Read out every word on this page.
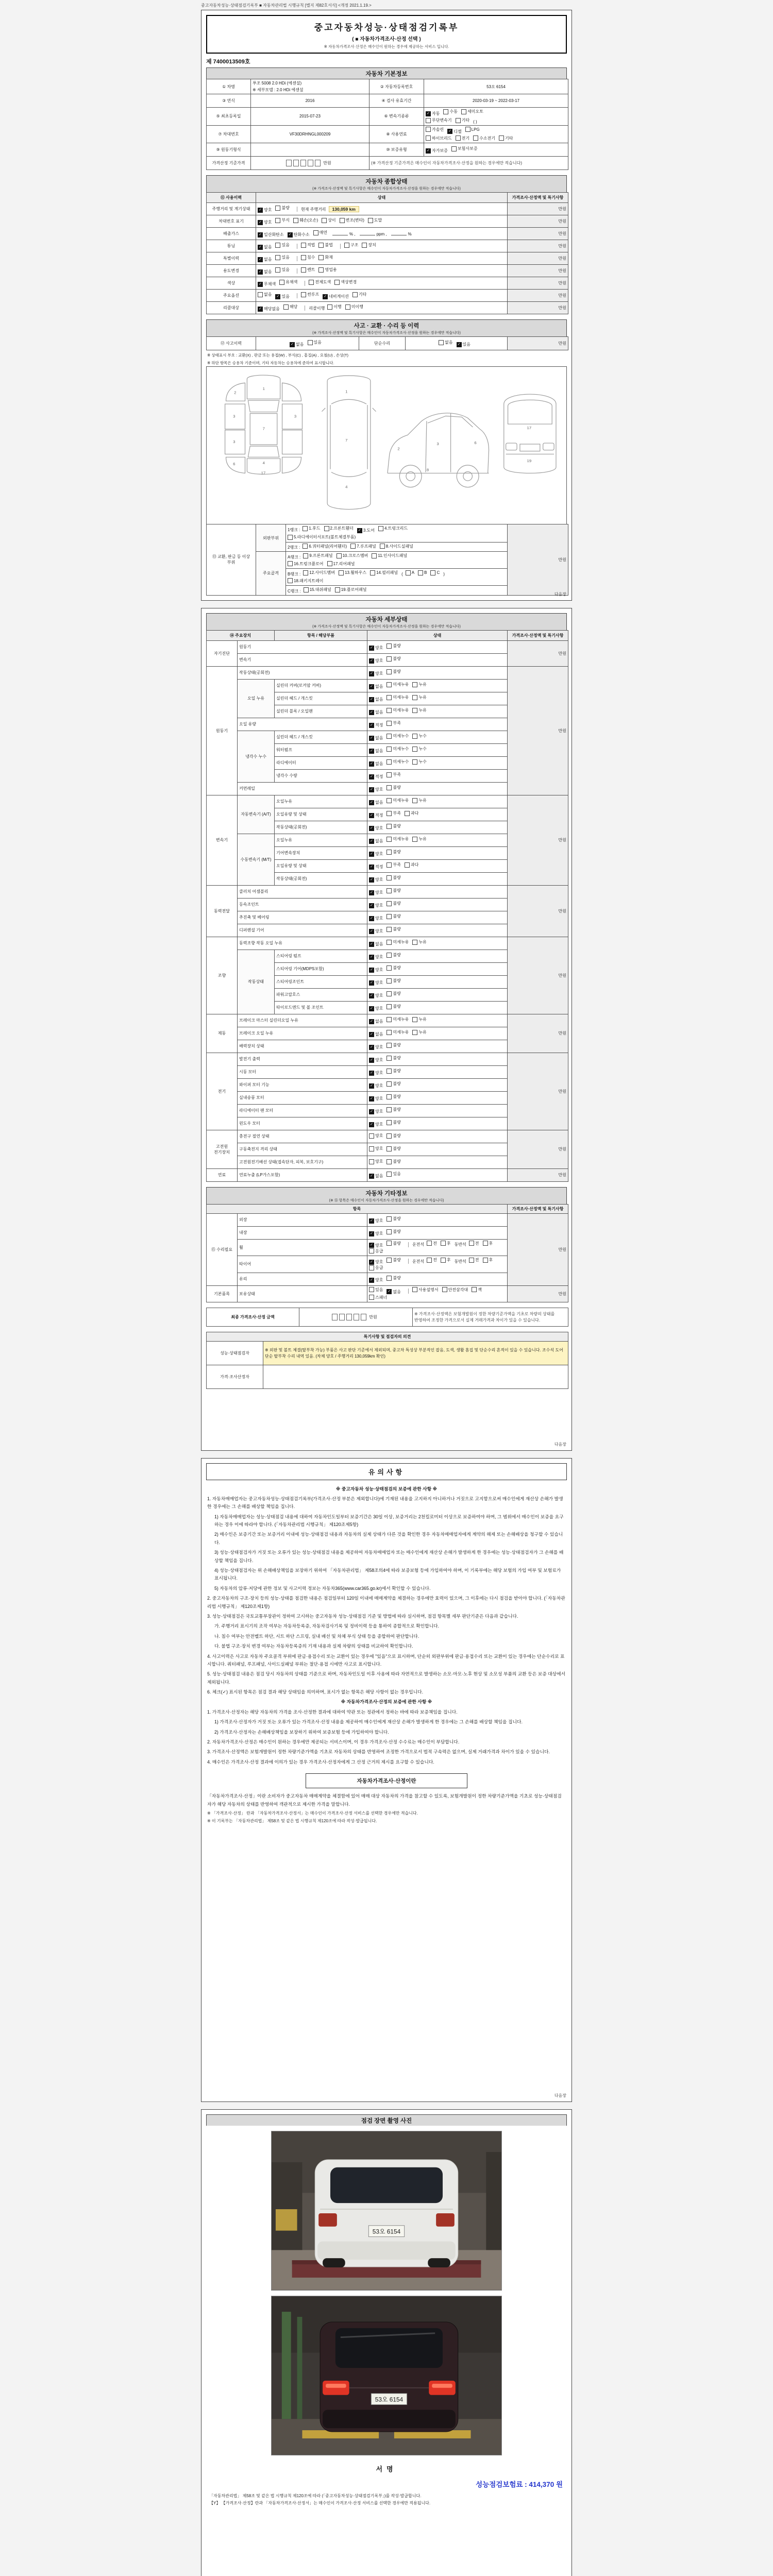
중고자동차성능·상태점검기록부 ■ 자동차관리법 시행규칙 [별지 제82호서식] <개정 2021.1.19.>
중고자동차성능·상태점검기록부
( ■ 자동차가격조사·산정 선택 )
※ 자동차가격조사·산정은 매수인이 원하는 경우에 제공하는 서비스 입니다.
제 7400013509호
자동차 기본정보
① 차명	푸조 5008 2.0 HDi (에센셜)
※ 세부모델 : 2.0 HDi 에센셜	② 자동차등록번호	53오 6154
③ 연식	2016	④ 검사 유효기간	2020-03-19 ~ 2022-03-17
⑤ 최초등록일	2015-07-23	⑥ 변속기종류	
✓ 자동 수동 세미오토
무단변속기 기타 ( )
⑦ 차대번호	VF30DRHNGL000209	⑧ 사용연료	
가솔린 ✓ 디젤 LPG
하이브리드 전기 수소전기 기타

⑨ 원동기형식		⑩ 보증유형	✓ 자가보증 보험사보증

가격산정 기준가격	만원	(※ 가격산정 기준가격은 매수인이 자동차가격조사·산정을 원하는 경우에만 적습니다)	
자동차 종합상태
(※ 가격조사·산정액 및 특기사항은 매수인이 자동차가격조사·산정을 원하는 경우에만 적습니다)
⑪ 사용이력	상태	가격조사·산정액 및 특기사항
주행거리 및 계기상태	✓ 양호 불량 현재 주행거리 130,059 km	만원
차대번호 표기	✓ 양호 부식 훼손(오손) 상이 변조(변타) 도말	만원
배출가스	✓ 일산화탄소 ✓ 탄화수소 매연	% ,	ppm ,	%	만원
튜닝	✓ 없음 있음	적법 불법	구조 장치	만원
특별이력	✓ 없음 있음 침수 화재	만원
용도변경	✓ 없음 있음 렌트 영업용	만원
색상	✓ 무채색 유채색 전체도색 색상변경	만원
주요옵션	없음 ✓ 있음	썬루프 ✓ 네비게이션 기타	만원
리콜대상	✓ 해당없음 해당	리콜이행 이행 미이행	만원
사고 · 교환 · 수리 등 이력
(※ 가격조사·산정액 및 특기사항은 매수인이 자동차가격조사·산정을 원하는 경우에만 적습니다)
⑫ 사고이력	✓ 없음 있음	단순수리	없음 ✓ 있음	만원
※ 상태표시 부호 : 교환(X) , 판금 또는 용접(W) , 부식(C) , 흠집(A) , 요철(U) , 손상(T)
※ 하단 항목은 승용차 기준이며, 기타 자동차는 승용차에 준하여 표시합니다.
1
2
3	3
3
6
7
4
17
1
7
4
2
3	6
8
17
19
⑬ 교환, 판금 등 이상 부위	외판부위	1랭크 : 1.후드 2.프론트휀더 ✓ 3.도어 4.트렁크리드
5.라디에이터서포트(볼트체결부품)
	만원
		2랭크 : 6.쿼터패널(리어휀더) 7.루프패널 8.사이드실패널	

주요골격	A랭크 : 9.프론트패널 10.크로스멤버 11.인사이드패널
16.트렁크플로어 17.리어패널

B랭크 : 12.사이드멤버 13.휠하우스 14.필러패널 ( A B C )
18.패키지트레이

		C랭크 : 15.대쉬패널 19.플로어패널	
다음장
자동차 세부상태
(※ 가격조사·산정액 및 특기사항은 매수인이 자동차가격조사·산정을 원하는 경우에만 적습니다)
⑭ 주요장치		항목 / 해당부품	상태	가격조사·산정액 및 특기사항
자기진단	원동기		✓ 양호 불량	만원
	변속기		✓ 양호 불량	

원동기	작동상태(공회전)		✓ 양호 불량	만원
	오일 누유	실린더 커버(로커암 커버)	✓ 없음 미세누유 누유	

		실린더 헤드 / 개스킷	✓ 없음 미세누유 누유	

		실린더 블록 / 오일팬	✓ 없음 미세누유 누유	

	오일 유량		✓ 적정 부족	

	냉각수 누수	실린더 헤드 / 개스킷	✓ 없음 미세누수 누수	

		워터펌프	✓ 없음 미세누수 누수	

		라디에이터	✓ 없음 미세누수 누수	

		냉각수 수량	✓ 적정 부족	

	커먼레일		✓ 양호 불량	

변속기	자동변속기 (A/T)	오일누유	✓ 없음 미세누유 누유	만원
		오일유량 및 상태	✓ 적정 부족 과다	

		작동상태(공회전)	✓ 양호 불량	

	수동변속기 (M/T)	오일누유	✓ 없음 미세누유 누유	

		기어변속장치	✓ 양호 불량	

		오일유량 및 상태	✓ 적정 부족 과다	

		작동상태(공회전)	✓ 양호 불량	

동력전달	클러치 어셈블리		✓ 양호 불량	만원
	등속조인트		✓ 양호 불량	

	추진축 및 베어링		✓ 양호 불량	

	디퍼렌셜 기어		✓ 양호 불량	

조향	동력조향 작동 오일 누유		✓ 없음 미세누유 누유	만원
	작동상태	스티어링 펌프	✓ 양호 불량	

		스티어링 기어(MDPS포함)	✓ 양호 불량	

		스티어링조인트	✓ 양호 불량	

		파워고압호스	✓ 양호 불량	

		타이로드엔드 및 볼 조인트	✓ 양호 불량	

제동	브레이크 마스터 실린더오일 누유		✓ 없음 미세누유 누유	만원
	브레이크 오일 누유		✓ 없음 미세누유 누유	

	배력장치 상태		✓ 양호 불량	

전기	발전기 출력		✓ 양호 불량	만원
	시동 모터		✓ 양호 불량	

	와이퍼 모터 기능		✓ 양호 불량	

	실내송풍 모터		✓ 양호 불량	

	라디에이터 팬 모터		✓ 양호 불량	

	윈도우 모터		✓ 양호 불량	

고전원 전기장치	충전구 절연 상태		양호 불량	만원
	구동축전지 격리 상태		양호 불량	

	고전원전기배선 상태(접속단자, 피복, 보호기구)		양호 불량	

연료	연료누출 (LP가스포함)		✓ 없음 있음	만원
자동차 기타정보
(※ ⑮ 항목은 매수인이 자동차가격조사·산정을 원하는 경우에만 적습니다)
항목			가격조사·산정액 및 특기사항
⑮ 수리필요	외장	✓ 양호 불량	만원
	내장	✓ 양호 불량	

휠	
✓ 양호 불량	운전석 전 후 동반석 전 후
응급

타이어	
✓ 양호 불량	운전석 전 후 동반석 전 후
응급

	유리	✓ 양호 불량	

기본품목	보유상태	
있음 ✓ 없음	사용설명서 안전삼각대 잭
스패너
	만원
최종 가격조사·산정 금액	만원	※ 가격조사·산정액은 보험개발원이 정한 차량기준가액을 기초로 차량의 상태를 반영하여 조정한 가격으로서 실제 거래가격과 차이가 있을 수 있습니다.
특기사항 및 점검자의 의견	
성능·상태점검자	※ 외판 및 볼트 체결(탈부착 가능) 부품은 사고 판단 기준에서 제외되며, 중고차 특성상 부분적인 잡음, 도색, 생활 흠집 및 단순수리 흔적이 있을 수 있습니다. 조수석 도어 단순 탈부착 수리 내역 있음. (차체 양호 / 주행거리 130,059km 확인)
가격·조사산정자	
다음장
유의사항
※ 중고자동차 성능·상태점검의 보증에 관한 사항 ※
1. 자동차매매업자는 중고자동차성능·상태점검기록부(가격조사·산정 부분은 제외합니다)에 기재된 내용을 고지하지 아니하거나 거짓으로 고지함으로써 매수인에게 재산상 손해가 발생한 경우에는 그 손해를 배상할 책임을 집니다.
1) 자동차매매업자는 성능·상태점검 내용에 대하여 자동차인도일부터 보증기간은 30일 이상, 보증거리는 2천킬로미터 이상으로 보증하여야 하며, 그 범위에서 매수인이 보증을 요구하는 경우 이에 따라야 합니다. (「자동차관리법 시행규칙」 제120조제5항)
2) 매수인은 보증기간 또는 보증거리 이내에 성능·상태점검 내용과 자동차의 실제 상태가 다른 것을 확인한 경우 자동차매매업자에게 계약의 해제 또는 손해배상을 청구할 수 있습니다.
3) 성능·상태점검자가 거짓 또는 오류가 있는 성능·상태점검 내용을 제공하여 자동차매매업자 또는 매수인에게 재산상 손해가 발생하게 한 경우에는 성능·상태점검자가 그 손해를 배상할 책임을 집니다.
4) 성능·상태점검자는 위 손해배상책임을 보장하기 위하여 「자동차관리법」 제58조의4에 따라 보증보험 등에 가입하여야 하며, 이 기록부에는 해당 보험의 가입 여부 및 보험료가 표시됩니다.
5) 자동차의 압류·저당에 관한 정보 및 사고이력 정보는 자동차365(www.car365.go.kr)에서 확인할 수 있습니다.
2. 중고자동차의 구조·장치 등의 성능·상태를 점검한 내용은 점검일부터 120일 이내에 매매계약을 체결하는 경우에만 효력이 있으며, 그 이후에는 다시 점검을 받아야 합니다. (「자동차관리법 시행규칙」 제120조제1항)
3. 성능·상태점검은 국토교통부장관이 정하여 고시하는 중고자동차 성능·상태점검 기준 및 방법에 따라 실시하며, 점검 항목별 세부 판단기준은 다음과 같습니다.
가. 주행거리 표시기의 조작 여부는 자동차등록증, 자동차검사기록 및 정비이력 등을 통하여 종합적으로 확인합니다.
나. 침수 여부는 안전벨트 하단, 시트 하단 스프링, 실내 배선 및 차체 부식 상태 등을 종합하여 판단합니다.
다. 불법 구조·장치 변경 여부는 자동차등록증의 기재 내용과 실제 차량의 상태를 비교하여 확인합니다.
4. 사고이력은 사고로 자동차 주요골격 부위에 판금·용접수리 또는 교환이 있는 경우에 "있음"으로 표시하며, 단순히 외판부위에 판금·용접수리 또는 교환이 있는 경우에는 단순수리로 표시합니다. 쿼터패널, 루프패널, 사이드실패널 부위는 절단·용접 시에만 사고로 표시합니다.
5. 성능·상태점검 내용은 점검 당시 자동차의 상태를 기준으로 하며, 자동차인도일 이후 사용에 따라 자연적으로 발생하는 소모·마모·노후 현상 및 소모성 부품의 교환 등은 보증 대상에서 제외됩니다.
6. 체크(✓) 표시된 항목은 점검 결과 해당 상태임을 의미하며, 표시가 없는 항목은 해당 사항이 없는 경우입니다.
※ 자동차가격조사·산정의 보증에 관한 사항 ※
1. 가격조사·산정자는 해당 자동차의 가격을 조사·산정한 결과에 대하여 약관 또는 정관에서 정하는 바에 따라 보증책임을 집니다.
1) 가격조사·산정자가 거짓 또는 오류가 있는 가격조사·산정 내용을 제공하여 매수인에게 재산상 손해가 발생하게 한 경우에는 그 손해를 배상할 책임을 집니다.
2) 가격조사·산정자는 손해배상책임을 보장하기 위하여 보증보험 등에 가입하여야 합니다.
2. 자동차가격조사·산정은 매수인이 원하는 경우에만 제공되는 서비스이며, 이 경우 가격조사·산정 수수료는 매수인이 부담합니다.
3. 가격조사·산정액은 보험개발원이 정한 차량기준가액을 기초로 자동차의 상태를 반영하여 조정한 가격으로서 법적 구속력은 없으며, 실제 거래가격과 차이가 있을 수 있습니다.
4. 매수인은 가격조사·산정 결과에 이의가 있는 경우 가격조사·산정자에게 그 산정 근거의 제시를 요구할 수 있습니다.
자동차가격조사·산정이란
「자동차가격조사·산정」이란 소비자가 중고자동차 매매계약을 체결함에 있어 매매 대상 자동차의 가격을 참고할 수 있도록, 보험개발원이 정한 차량기준가액을 기초로 성능·상태점검자가 해당 자동차의 상태를 반영하여 객관적으로 제시한 가격을 말합니다.
※ 「가격조사·산정」 란과 「자동차가격조사·산정서」는 매수인이 가격조사·산정 서비스를 선택한 경우에만 적습니다.
※ 이 기록부는 「자동차관리법」 제58조 및 같은 법 시행규칙 제120조에 따라 작성·발급됩니다.
다음장
점검 장면 촬영 사진
53오 6154
53오 6154
서명
성능점검보험료 : 414,370 원
「자동차관리법」 제58조 및 같은 법 시행규칙 제120조에 따라 (「중고자동차성능·상태점검기록부」)를 작성·발급합니다.
【Y】 【가격조사·산정】란과 「자동차가격조사·산정서」는 매수인이 가격조사·산정 서비스를 선택한 경우에만 적용됩니다.
